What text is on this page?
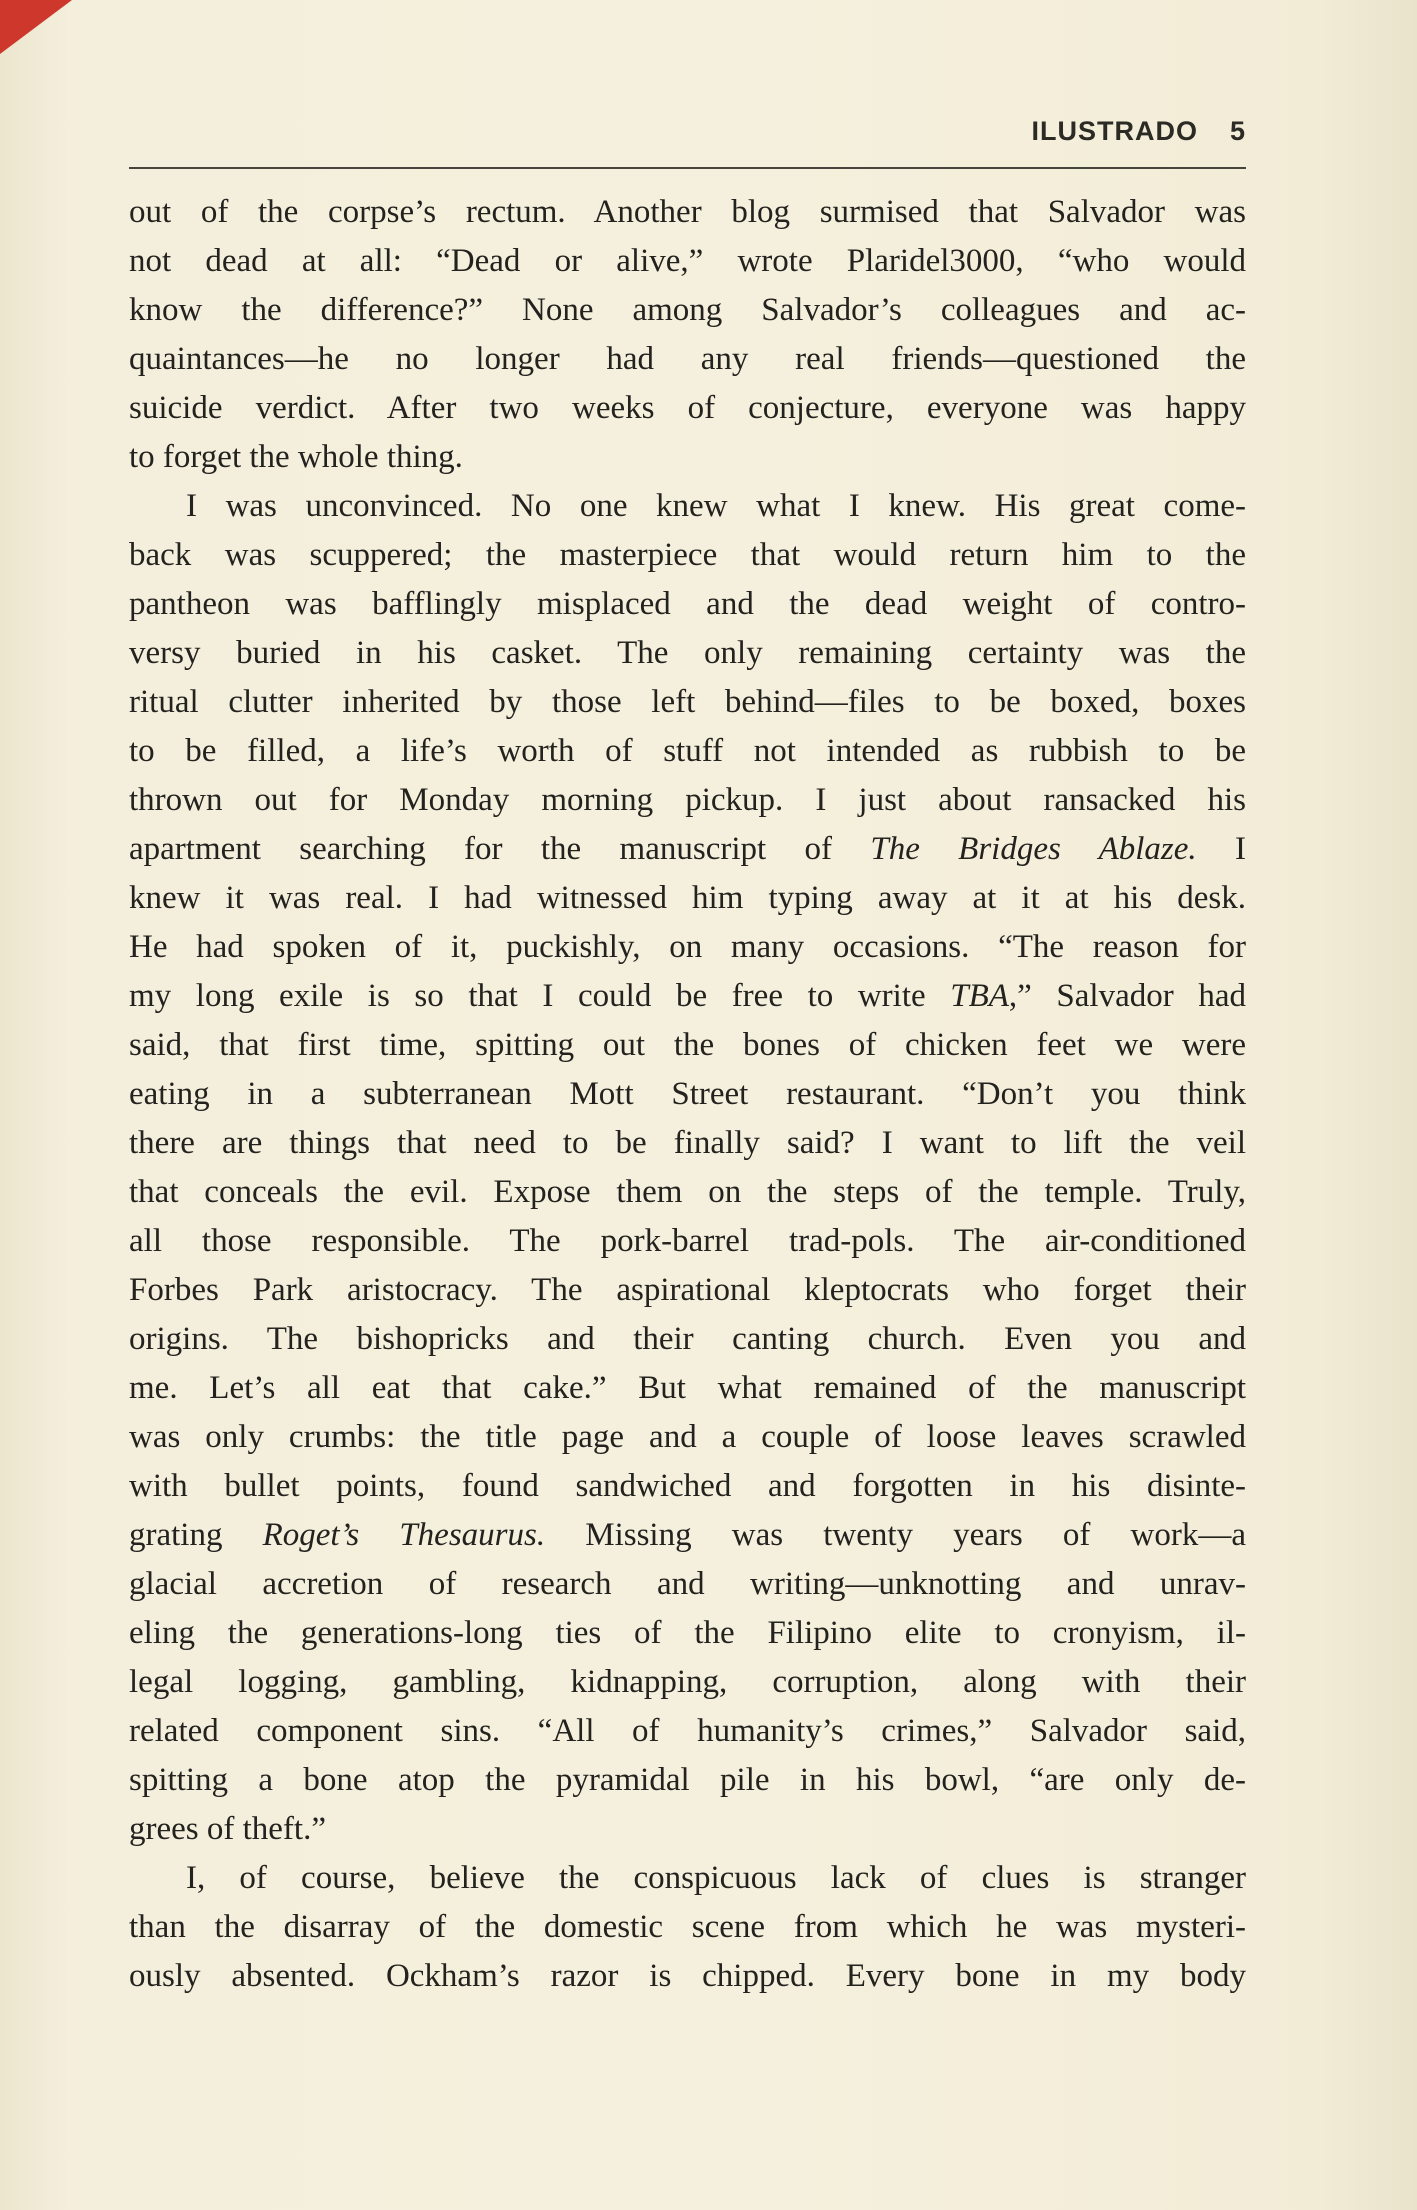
ILUSTRADO 5
out of the corpse’s rectum. Another blog surmised that Salvador was
not dead at all: “Dead or alive,” wrote Plaridel3000, “who would
know the difference?” None among Salvador’s colleagues and ac-
quaintances—he no longer had any real friends—questioned the
suicide verdict. After two weeks of conjecture, everyone was happy
to forget the whole thing.
I was unconvinced. No one knew what I knew. His great come-
back was scuppered; the masterpiece that would return him to the
pantheon was bafflingly misplaced and the dead weight of contro-
versy buried in his casket. The only remaining certainty was the
ritual clutter inherited by those left behind—files to be boxed, boxes
to be filled, a life’s worth of stuff not intended as rubbish to be
thrown out for Monday morning pickup. I just about ransacked his
apartment searching for the manuscript of The Bridges Ablaze. I
knew it was real. I had witnessed him typing away at it at his desk.
He had spoken of it, puckishly, on many occasions. “The reason for
my long exile is so that I could be free to write TBA,” Salvador had
said, that first time, spitting out the bones of chicken feet we were
eating in a subterranean Mott Street restaurant. “Don’t you think
there are things that need to be finally said? I want to lift the veil
that conceals the evil. Expose them on the steps of the temple. Truly,
all those responsible. The pork-barrel trad-pols. The air-conditioned
Forbes Park aristocracy. The aspirational kleptocrats who forget their
origins. The bishopricks and their canting church. Even you and
me. Let’s all eat that cake.” But what remained of the manuscript
was only crumbs: the title page and a couple of loose leaves scrawled
with bullet points, found sandwiched and forgotten in his disinte-
grating Roget’s Thesaurus. Missing was twenty years of work—a
glacial accretion of research and writing—unknotting and unrav-
eling the generations-long ties of the Filipino elite to cronyism, il-
legal logging, gambling, kidnapping, corruption, along with their
related component sins. “All of humanity’s crimes,” Salvador said,
spitting a bone atop the pyramidal pile in his bowl, “are only de-
grees of theft.”
I, of course, believe the conspicuous lack of clues is stranger
than the disarray of the domestic scene from which he was mysteri-
ously absented. Ockham’s razor is chipped. Every bone in my body
